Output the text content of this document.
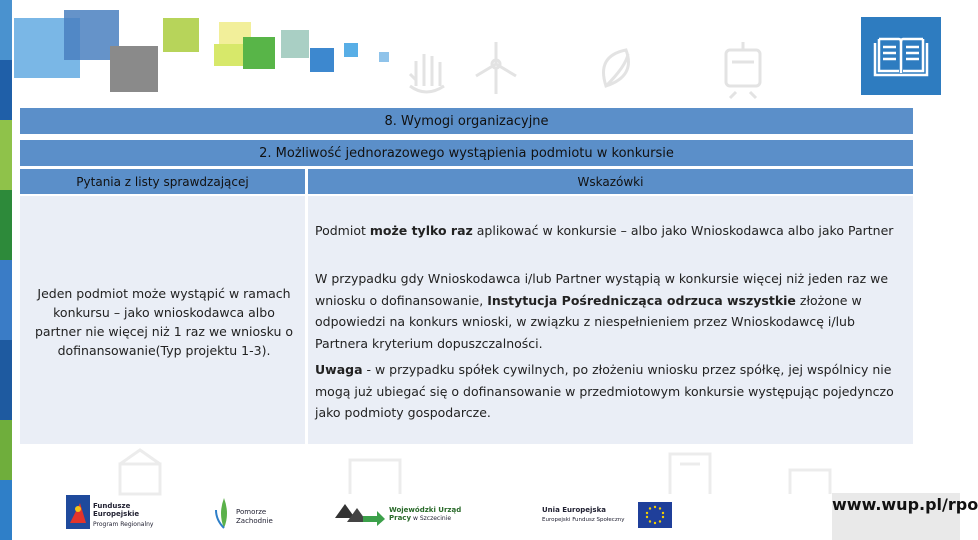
8. Wymogi organizacyjne
2. Możliwość jednorazowego wystąpienia podmiotu w konkursie
Pytania z listy sprawdzającej	Wskazówki
Jeden podmiot może wystąpić w ramach konkursu – jako wnioskodawca albo partner nie więcej niż 1 raz we wniosku o dofinansowanie(Typ projektu 1-3).
Podmiot może tylko raz aplikować w konkursie – albo jako Wnioskodawca albo jako Partner
W przypadku gdy Wnioskodawca i/lub Partner wystąpią w konkursie więcej niż jeden raz we wniosku o dofinansowanie, Instytucja Pośrednicząca odrzuca wszystkie złożone w odpowiedzi na konkurs wnioski, w związku z niespełnieniem przez Wnioskodawcę i/lub Partnera kryterium dopuszczalności.
Uwaga - w przypadku spółek cywilnych, po złożeniu wniosku przez spółkę, jej wspólnicy nie mogą już ubiegać się o dofinansowanie w przedmiotowym konkursie występując pojedynczo jako podmioty gospodarcze.
Fundusze
Europejskie
Program Regionalny
Pomorze
Zachodnie
Wojewódzki Urząd Pracy w Szczecinie
Unia Europejska
Europejski Fundusz Społeczny
www.wup.pl/rpo
